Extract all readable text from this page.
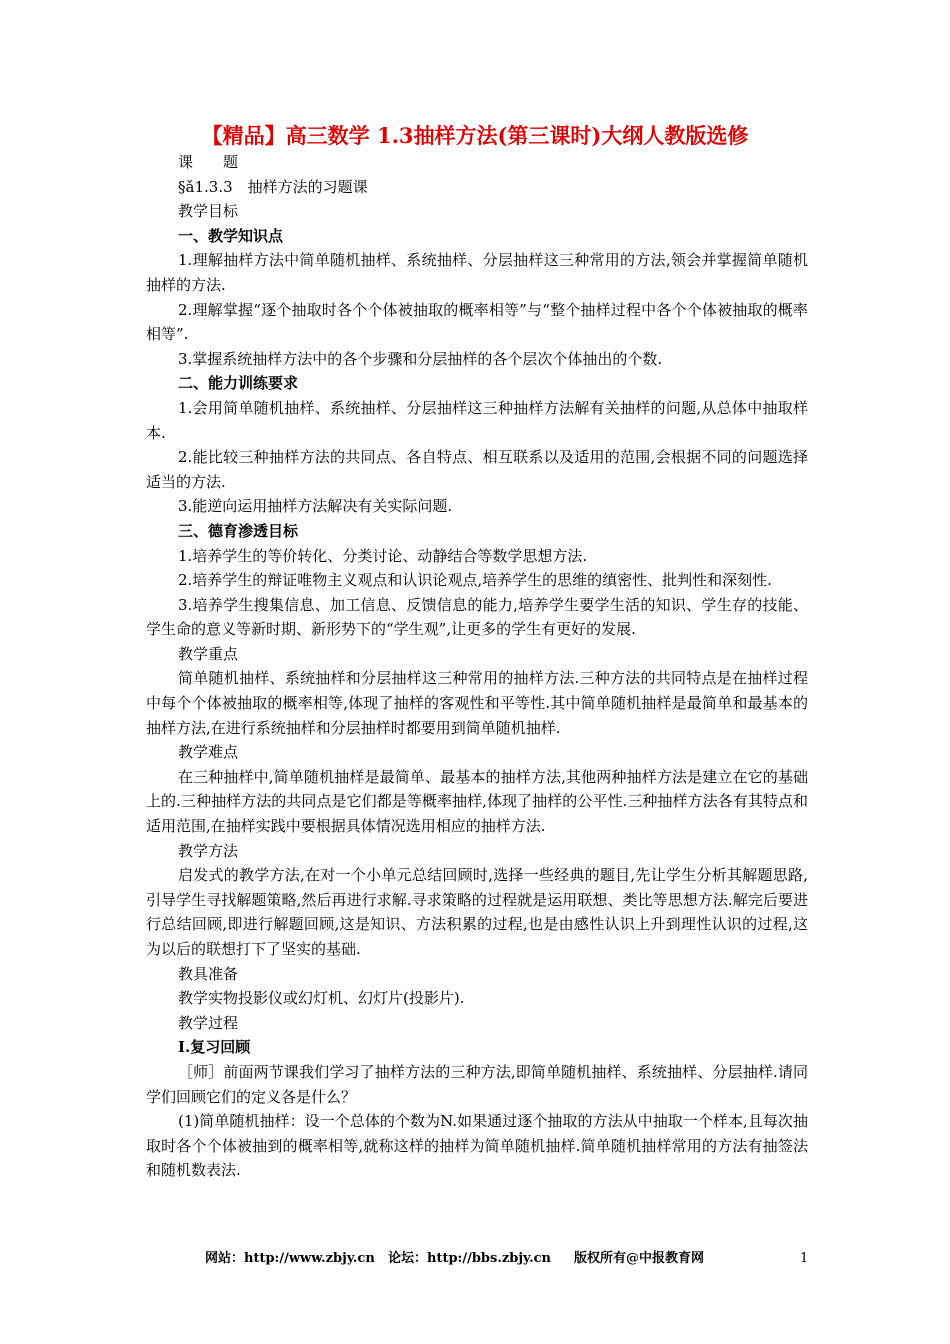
【精品】高三数学 1.3抽样方法(第三课时)大纲人教版选修

课　　题

§ǎ1.3.3　抽样方法的习题课

教学目标

一、教学知识点

1.理解抽样方法中简单随机抽样、系统抽样、分层抽样这三种常用的方法,领会并掌握简单随机抽样的方法.

2.理解掌握“逐个抽取时各个个体被抽取的概率相等”与“整个抽样过程中各个个体被抽取的概率相等”.

3.掌握系统抽样方法中的各个步骤和分层抽样的各个层次个体抽出的个数.

二、能力训练要求

1.会用简单随机抽样、系统抽样、分层抽样这三种抽样方法解有关抽样的问题,从总体中抽取样本.

2.能比较三种抽样方法的共同点、各自特点、相互联系以及适用的范围,会根据不同的问题选择适当的方法.

3.能逆向运用抽样方法解决有关实际问题.

三、德育渗透目标

1.培养学生的等价转化、分类讨论、动静结合等数学思想方法.

2.培养学生的辩证唯物主义观点和认识论观点,培养学生的思维的缜密性、批判性和深刻性.

3.培养学生搜集信息、加工信息、反馈信息的能力,培养学生要学生活的知识、学生存的技能、学生命的意义等新时期、新形势下的“学生观”,让更多的学生有更好的发展.

教学重点

简单随机抽样、系统抽样和分层抽样这三种常用的抽样方法.三种方法的共同特点是在抽样过程中每个个体被抽取的概率相等,体现了抽样的客观性和平等性.其中简单随机抽样是最简单和最基本的抽样方法,在进行系统抽样和分层抽样时都要用到简单随机抽样.

教学难点

在三种抽样中,简单随机抽样是最简单、最基本的抽样方法,其他两种抽样方法是建立在它的基础上的.三种抽样方法的共同点是它们都是等概率抽样,体现了抽样的公平性.三种抽样方法各有其特点和适用范围,在抽样实践中要根据具体情况选用相应的抽样方法.

教学方法

启发式的教学方法,在对一个小单元总结回顾时,选择一些经典的题目,先让学生分析其解题思路,引导学生寻找解题策略,然后再进行求解.寻求策略的过程就是运用联想、类比等思想方法.解完后要进行总结回顾,即进行解题回顾,这是知识、方法积累的过程,也是由感性认识上升到理性认识的过程,这为以后的联想打下了坚实的基础.

教具准备

教学实物投影仪或幻灯机、幻灯片(投影片).

教学过程

Ⅰ.复习回顾

［师］前面两节课我们学习了抽样方法的三种方法,即简单随机抽样、系统抽样、分层抽样.请同学们回顾它们的定义各是什么？

(1)简单随机抽样：设一个总体的个数为N.如果通过逐个抽取的方法从中抽取一个样本,且每次抽取时各个个体被抽到的概率相等,就称这样的抽样为简单随机抽样.简单随机抽样常用的方法有抽签法和随机数表法.

网站：http://www.zbjy.cn 论坛：http://bbs.zbjy.cn 版权所有@中报教育网	1
